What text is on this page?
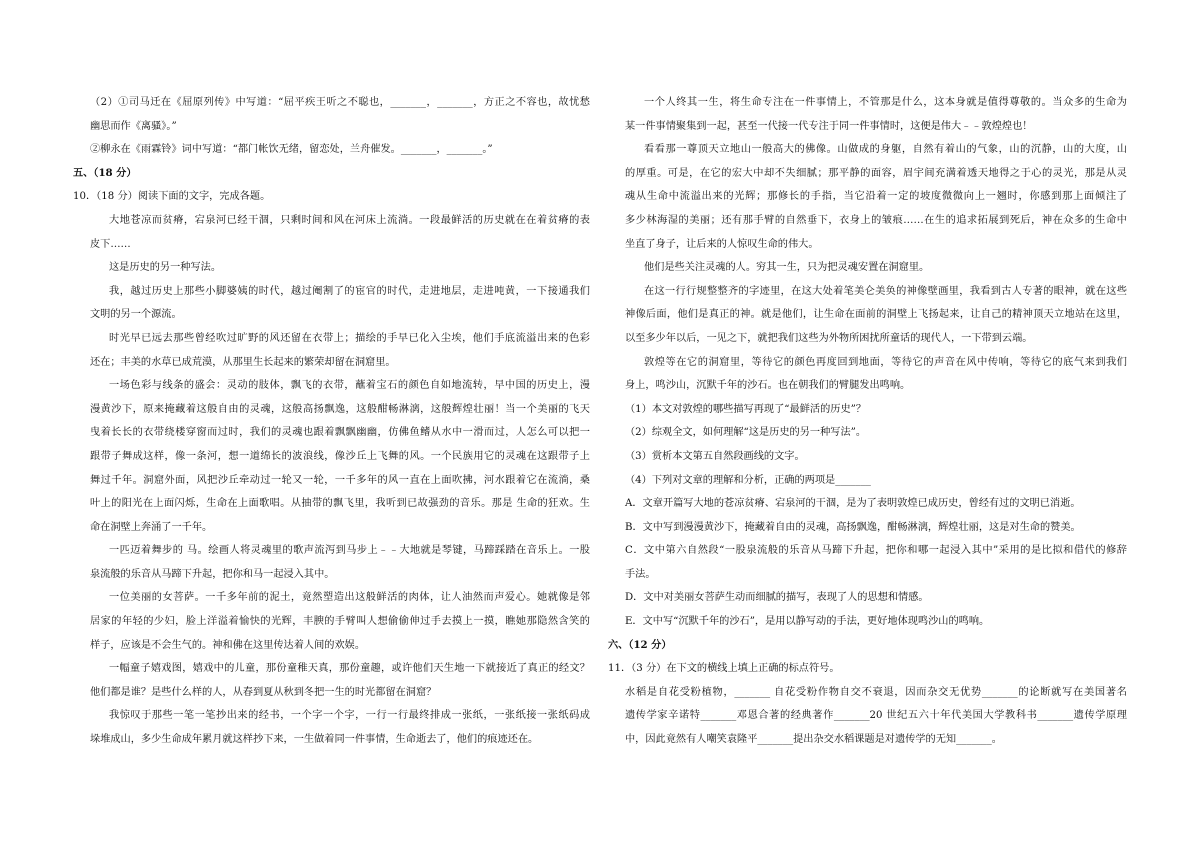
（2）①司马迁在《屈原列传》中写道：“屈平疾王听之不聪也，_______，_______，方正之不容也，故忧愁
幽思而作《离骚》。”
②柳永在《雨霖铃》词中写道：“都门帐饮无绪，留恋处，兰舟催发。_______，_______。”
五、（18 分）
10．（18 分）阅读下面的文字，完成各题。
大地苍凉而贫瘠，宕泉河已经干涸，只剩时间和风在河床上流淌。一段最鲜活的历史就在在着贫瘠的表
皮下……
这是历史的另一种写法。
我，越过历史上那些小脚婆姨的时代，越过阉割了的宦官的时代，走进地层，走进吨黄，一下接通我们
文明的另一个源流。
时光早已远去那些曾经吹过旷野的风还留在衣带上；描绘的手早已化入尘埃，他们手底流溢出来的色彩
还在；丰美的水草已成荒漠，从那里生长起来的繁荣却留在洞窟里。
一场色彩与线条的盛会：灵动的肢体，飘飞的衣带，蘸着宝石的颜色自如地流转，早中国的历史上，漫
漫黄沙下，原来掩藏着这般自由的灵魂，这般高扬飘逸，这般酣畅淋漓，这般辉煌壮丽！当一个美丽的飞天
曳着长长的衣带绕楼穿窗而过时，我们的灵魂也跟着飘飘幽幽，仿佛鱼鳍从水中一滑而过，人怎么可以把一
跟带子舞成这样，像一条河，想一道绵长的波浪线，像沙丘上飞舞的风。一个民族用它的灵魂在这跟带子上
舞过千年。洞窟外面，风把沙丘牵动过一轮又一轮，一千多年的风一直在上面吹拂，河水跟着它在流淌，桑
叶上的阳光在上面闪烁，生命在上面歌唱。从抽带的飘飞里，我听到已故强劲的音乐。那是 生命的狂欢。生
命在洞壁上奔涌了一千年。
一匹迈着舞步的 马。绘画人将灵魂里的歌声流泻到马步上﹣﹣大地就是琴键，马蹄踩踏在音乐上。一股
泉流般的乐音从马蹄下升起，把你和马一起浸入其中。
一位美丽的女菩萨。一千多年前的泥土，竟然塑造出这般鲜活的肉体，让人油然而声爱心。她就像是邻
居家的年轻的少妇，脸上洋溢着愉快的光辉，丰腴的手臂叫人想偷偷伸过手去摸上一摸，瞧她那隐然含笑的
样子，应该是不会生气的。神和佛在这里传达着人间的欢娱。
一幅童子嬉戏图，嬉戏中的儿童，那份童稚天真，那份童趣，或许他们天生地一下就接近了真正的经文？
他们都是谁？是些什么样的人，从春到夏从秋到冬把一生的时光都留在洞窟？
我惊叹于那些一笔一笔抄出来的经书，一个字一个字，一行一行最终排成一张纸，一张纸接一张纸码成
垛堆成山，多少生命成年累月就这样抄下来，一生做着同一件事情，生命逝去了，他们的痕迹还在。
一个人终其一生，将生命专注在一件事情上，不管那是什么，这本身就是值得尊敬的。当众多的生命为
某一件事情聚集到一起，甚至一代接一代专注于同一件事情时，这便是伟大﹣﹣敦煌煌也！
看看那一尊顶天立地山一般高大的佛像。山做成的身躯，自然有着山的气象，山的沉静，山的大度，山
的厚重。可是，在它的宏大中却不失细腻；那平静的面容，眉宇间充满着透天地得之于心的灵光，那是从灵
魂从生命中流溢出来的光辉；那修长的手指，当它沿着一定的坡度微微向上一翘时，你感到那上面倾注了
多少林海湿的美丽；还有那手臂的自然垂下，衣身上的皱痕……在生的追求拓展到死后，神在众多的生命中
坐直了身子，让后来的人惊叹生命的伟大。
他们是些关注灵魂的人。穷其一生，只为把灵魂安置在洞窟里。
在这一行行规整整齐的字迹里，在这大处着笔美仑美奂的神像壁画里，我看到古人专著的眼神，就在这些
神像后面，他们是真正的神。就是他们，让生命在面前的洞壁上飞扬起来，让自己的精神顶天立地站在这里，
以至多少年以后，一见之下，就把我们这些为外物所困扰所童话的现代人，一下带到云端。
敦煌等在它的洞窟里，等待它的颜色再度回到地面，等待它的声音在风中传响，等待它的底气来到我们
身上，鸣沙山，沉默千年的沙石。也在朝我们的臂腿发出鸣响。
（1）本文对敦煌的哪些描写再现了“最鲜活的历史”？
（2）综观全文，如何理解“这是历史的另一种写法”。
（3）赏析本文第五自然段画线的文字。
（4）下列对文章的理解和分析，正确的两项是_______
A．文章开篇写大地的苍凉贫瘠、宕泉河的干涸，是为了表明敦煌已成历史，曾经有过的文明已消逝。
B．文中写到漫漫黄沙下，掩藏着自由的灵魂，高扬飘逸，酣畅淋漓，辉煌壮丽，这是对生命的赞美。
C．文中第六自然段“一股泉流般的乐音从马蹄下升起，把你和哪一起浸入其中”采用的是比拟和借代的修辞
手法。
D．文中对美丽女菩萨生动而细腻的描写，表现了人的思想和情感。
E．文中写“沉默千年的沙石”，是用以静写动的手法，更好地体现鸣沙山的鸣响。
六、（12 分）
11．（3 分）在下文的横线上填上正确的标点符号。
水稻是自花受粉植物，_______ 自花受粉作物自交不衰退，因而杂交无优势_______的论断就写在美国著名
遗传学家辛诺特_______邓恩合著的经典著作_______20 世纪五六十年代美国大学教科书_______遗传学原理
中，因此竟然有人嘲笑袁隆平_______提出杂交水稻课题是对遗传学的无知_______。
